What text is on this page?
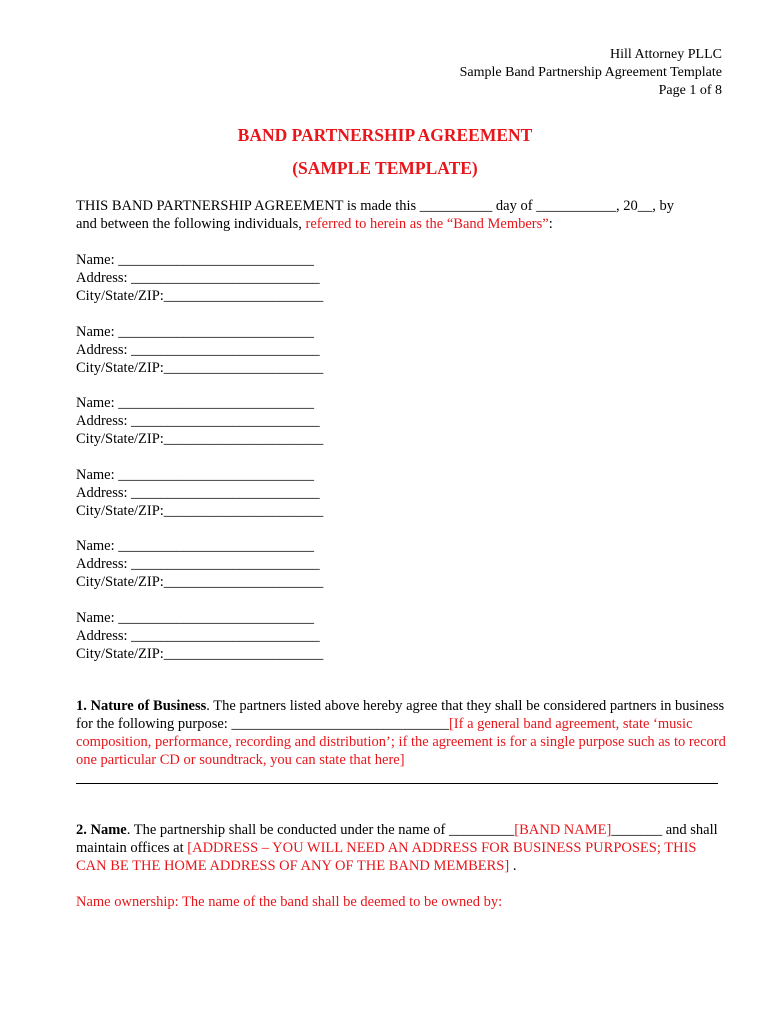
Hill Attorney PLLC
Sample Band Partnership Agreement Template
Page 1 of 8
BAND PARTNERSHIP AGREEMENT
(SAMPLE TEMPLATE)
THIS BAND PARTNERSHIP AGREEMENT is made this __________ day of ___________, 20__, by
and between the following individuals, referred to herein as the “Band Members”:
Name: ___________________________
Address: __________________________
City/State/ZIP:______________________
Name: ___________________________
Address: __________________________
City/State/ZIP:______________________
Name: ___________________________
Address: __________________________
City/State/ZIP:______________________
Name: ___________________________
Address: __________________________
City/State/ZIP:______________________
Name: ___________________________
Address: __________________________
City/State/ZIP:______________________
Name: ___________________________
Address: __________________________
City/State/ZIP:______________________
1. Nature of Business. The partners listed above hereby agree that they shall be considered partners in business for the following purpose: ______________________________[If a general band agreement, state ‘music composition, performance, recording and distribution’; if the agreement is for a single purpose such as to record one particular CD or soundtrack, you can state that here]
2. Name. The partnership shall be conducted under the name of _________[BAND NAME]_______ and shall maintain offices at [ADDRESS – YOU WILL NEED AN ADDRESS FOR BUSINESS PURPOSES; THIS CAN BE THE HOME ADDRESS OF ANY OF THE BAND MEMBERS] .
Name ownership: The name of the band shall be deemed to be owned by:
